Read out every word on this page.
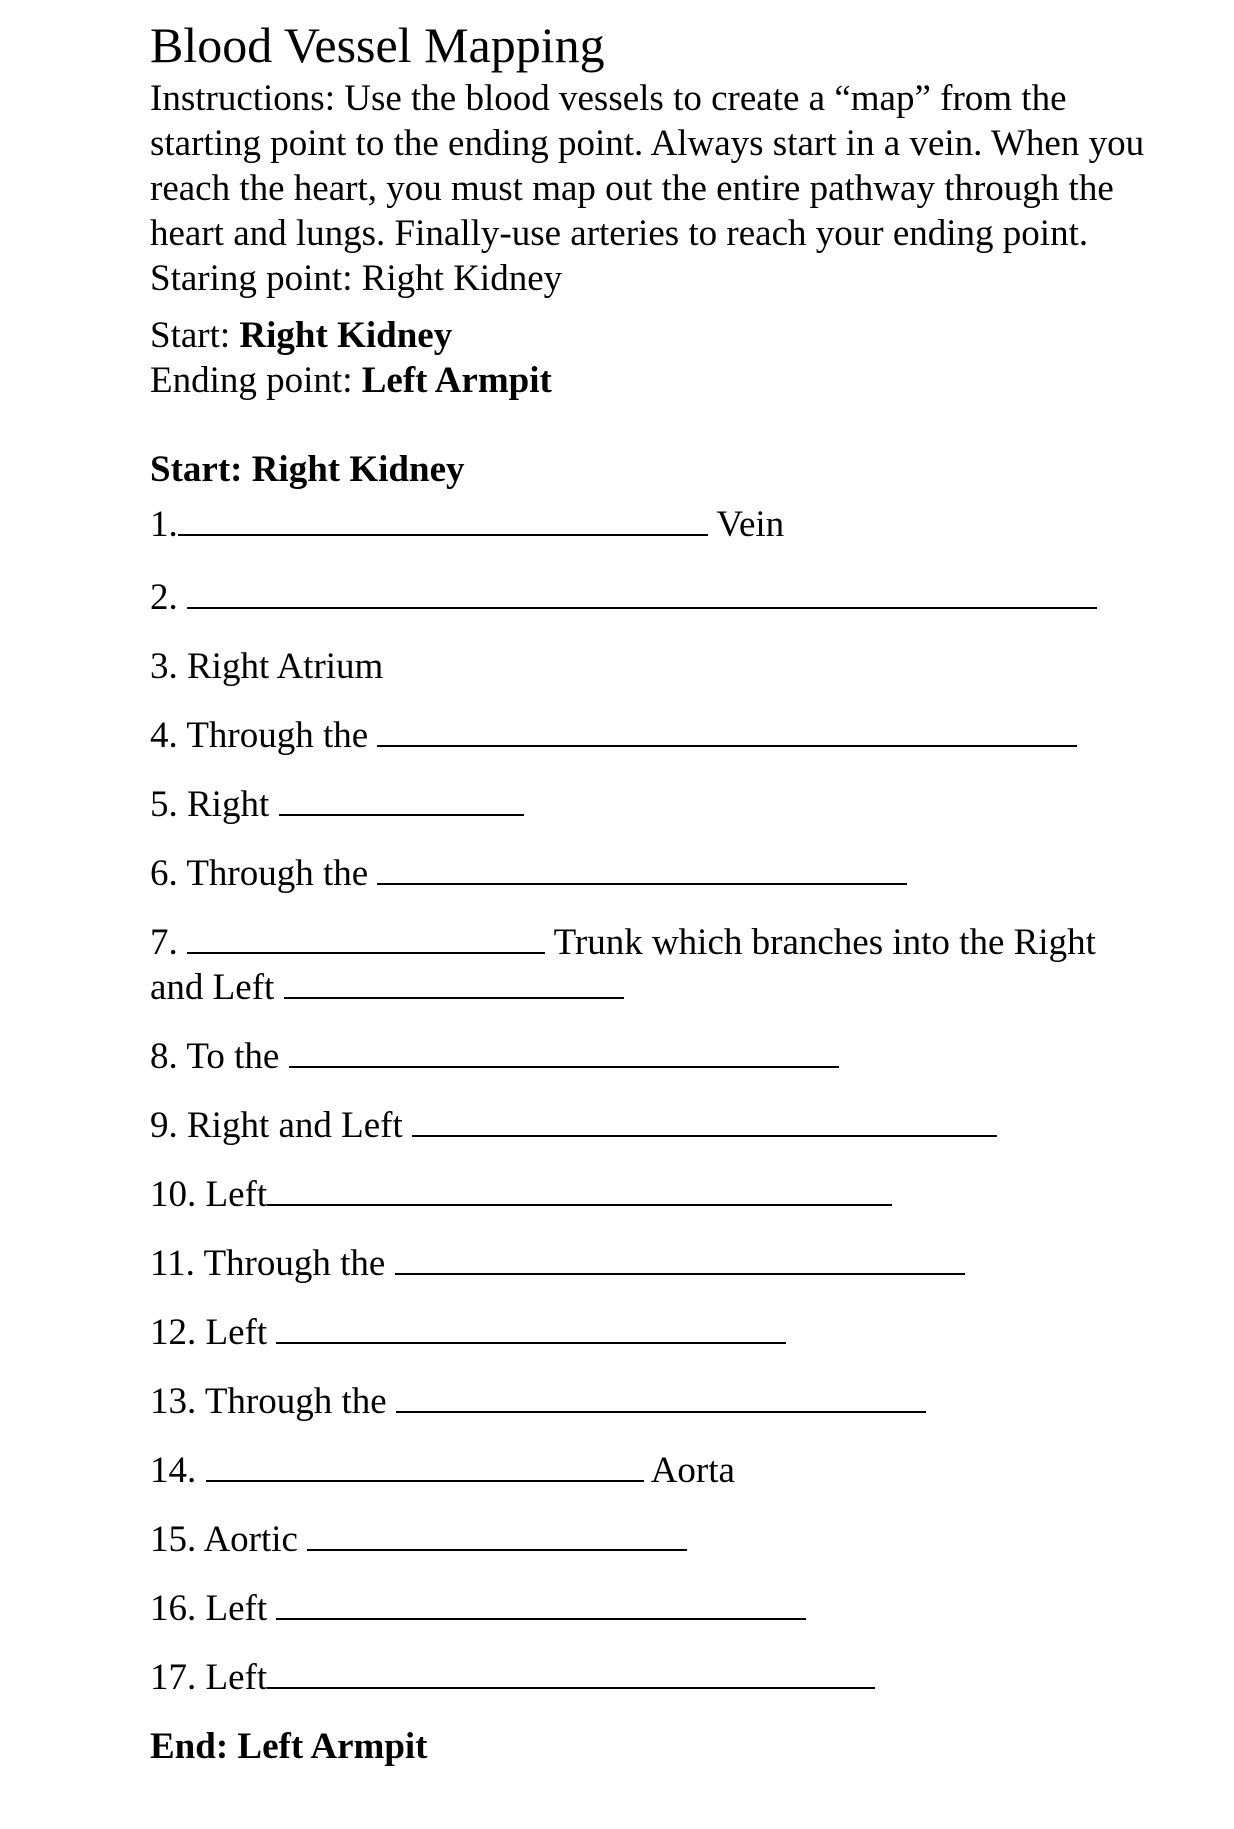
Blood Vessel Mapping

Instructions: Use the blood vessels to create a “map” from the starting point to the ending point. Always start in a vein. When you reach the heart, you must map out the entire pathway through the heart and lungs. Finally-use arteries to reach your ending point.

Staring point: Right Kidney

Start: Right Kidney

Ending point: Left Armpit

Start: Right Kidney

1.	Vein

2.

3. Right Atrium

4. Through the

5. Right

6. Through the

7.	Trunk which branches into the Right and Left

8. To the

9. Right and Left

10. Left

11. Through the

12. Left

13. Through the

14.	Aorta

15. Aortic

16. Left

17. Left

End: Left Armpit
